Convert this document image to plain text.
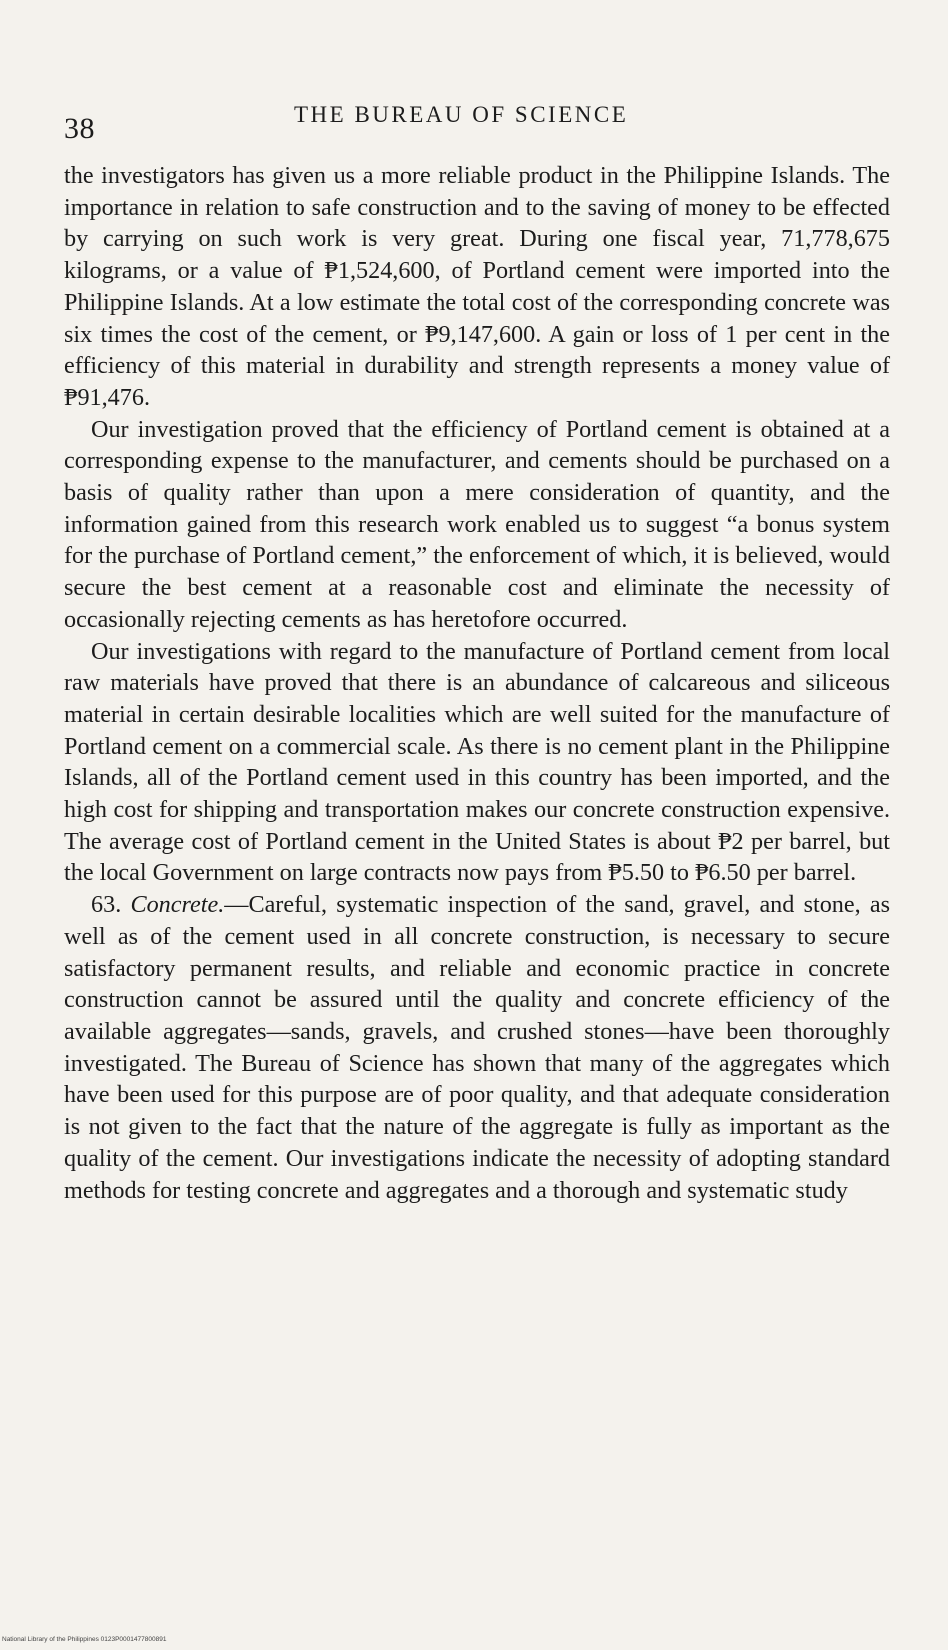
38	THE BUREAU OF SCIENCE

the investigators has given us a more reliable product in the Philippine Islands. The importance in relation to safe construction and to the saving of money to be effected by carrying on such work is very great. During one fiscal year, 71,778,675 kilograms, or a value of ₱1,524,600, of Portland cement were imported into the Philippine Islands. At a low estimate the total cost of the corresponding concrete was six times the cost of the cement, or ₱9,147,600. A gain or loss of 1 per cent in the efficiency of this material in durability and strength represents a money value of ₱91,476.

Our investigation proved that the efficiency of Portland cement is obtained at a corresponding expense to the manufacturer, and cements should be purchased on a basis of quality rather than upon a mere consideration of quantity, and the information gained from this research work enabled us to suggest “a bonus system for the purchase of Portland cement,” the enforcement of which, it is believed, would secure the best cement at a reasonable cost and eliminate the necessity of occasionally rejecting cements as has heretofore occurred.

Our investigations with regard to the manufacture of Portland cement from local raw materials have proved that there is an abundance of calcareous and siliceous material in certain desirable localities which are well suited for the manufacture of Portland cement on a commercial scale. As there is no cement plant in the Philippine Islands, all of the Portland cement used in this country has been imported, and the high cost for shipping and transportation makes our concrete construction expensive. The average cost of Portland cement in the United States is about ₱2 per barrel, but the local Government on large contracts now pays from ₱5.50 to ₱6.50 per barrel.

63. Concrete.—Careful, systematic inspection of the sand, gravel, and stone, as well as of the cement used in all concrete construction, is necessary to secure satisfactory permanent results, and reliable and economic practice in concrete construction cannot be assured until the quality and concrete efficiency of the available aggregates—sands, gravels, and crushed stones—have been thoroughly investigated. The Bureau of Science has shown that many of the aggregates which have been used for this purpose are of poor quality, and that adequate consideration is not given to the fact that the nature of the aggregate is fully as important as the quality of the cement. Our investigations indicate the necessity of adopting standard methods for testing concrete and aggregates and a thorough and systematic study

National Library of the Philippines 0123P0001477800891
